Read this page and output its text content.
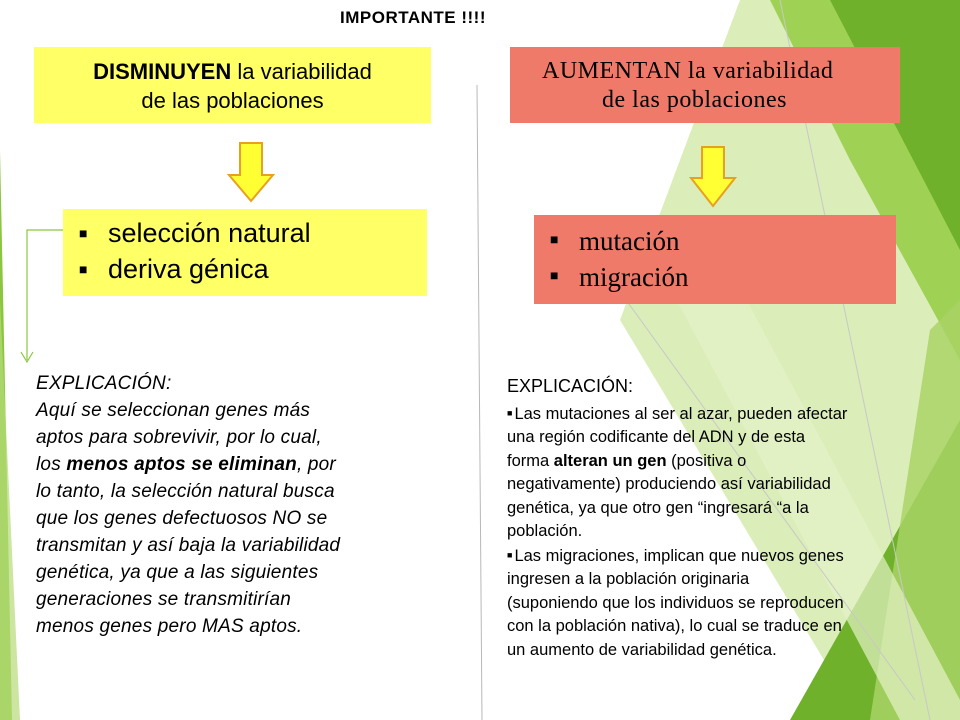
IMPORTANTE !!!!
DISMINUYEN la variabilidad
de las poblaciones
AUMENTAN la variabilidad
de las poblaciones
■ selección natural
■ deriva génica
■ mutación
■ migración
EXPLICACIÓN:
Aquí se seleccionan genes más
aptos para sobrevivir, por lo cual,
los menos aptos se eliminan, por
lo tanto, la selección natural busca
que los genes defectuosos NO se
transmitan y así baja la variabilidad
genética, ya que a las siguientes
generaciones se transmitirían
menos genes pero MAS aptos.
EXPLICACIÓN:
■ Las mutaciones al ser al azar, pueden afectar
una región codificante del ADN y de esta
forma alteran un gen (positiva o
negativamente) produciendo así variabilidad
genética, ya que otro gen “ingresará “a la
población.
■ Las migraciones, implican que nuevos genes
ingresen a la población originaria
(suponiendo que los individuos se reproducen
con la población nativa), lo cual se traduce en
un aumento de variabilidad genética.
